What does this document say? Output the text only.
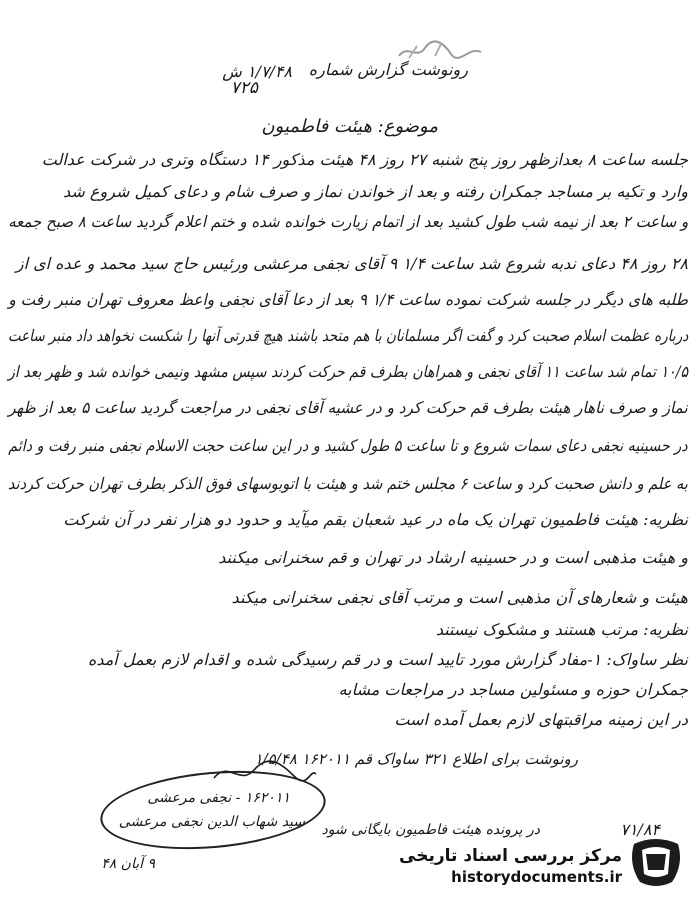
رونوشت گزارش شماره
۱/۷/۴۸ ش
۷۲۵
موضوع: هیئت فاطمیون
جلسه ساعت ۸ بعدازظهر روز پنج شنبه ۲۷ روز ۴۸ هیئت مذکور ۱۴ دستگاه وتری در شرکت عدالت
وارد و تکیه بر مساجد جمکران رفته و بعد از خواندن نماز و صرف شام و دعای کمیل شروع شد
و ساعت ۲ بعد از نیمه شب طول کشید بعد از اتمام زیارت خوانده شده و ختم اعلام گردید ساعت ۸ صبح جمعه
۲۸ روز ۴۸ دعای ندبه شروع شد ساعت ۱/۴ ۹ آقای نجفی مرعشی ورئیس حاج سید محمد و عده ای از
طلبه های دیگر در جلسه شرکت نموده ساعت ۱/۴ ۹ بعد از دعا آقای نجفی واعظ معروف تهران منبر رفت و
درباره عظمت اسلام صحبت کرد و گفت اگر مسلمانان با هم متحد باشند هیچ قدرتی آنها را شکست نخواهد داد منبر ساعت
۱۰/۵ تمام شد ساعت ۱۱ آقای نجفی و همراهان بطرف قم حرکت کردند سپس مشهد ونیمی خوانده شد و ظهر بعد از
نماز و صرف ناهار هیئت بطرف قم حرکت کرد و در عشیه آقای نجفی در مراجعت گردید ساعت ۵ بعد از ظهر
در حسینیه نجفی دعای سمات شروع و تا ساعت ۵ طول کشید و در این ساعت حجت الاسلام نجفی منبر رفت و دائم
به علم و دانش صحبت کرد و ساعت ۶ مجلس ختم شد و هیئت با اتوبوسهای فوق الذکر بطرف تهران حرکت کردند
نظریه: هیئت فاطمیون تهران یک ماه در عید شعبان بقم میآید و حدود دو هزار نفر در آن شرکت
و هیئت مذهبی است و در حسینیه ارشاد در تهران و قم سخنرانی میکنند
هیئت و شعارهای آن مذهبی است و مرتب آقای نجفی سخنرانی میکند
نظریه: مرتب هستند و مشکوک نیستند
نظر ساواک: ۱-مفاد گزارش مورد تایید است و در قم رسیدگی شده و اقدام لازم بعمل آمده
جمکران حوزه و مسئولین مساجد در مراجعات مشابه
در این زمینه مراقبتهای لازم بعمل آمده است
رونوشت برای اطلاع ۳۲۱ ساواک قم ۱۶۲۰۱۱ ۱/۵/۴۸
۱۶۲۰۱۱ - نجفی مرعشی
سید شهاب الدین نجفی مرعشی در پرونده هیئت فاطمیون بایگانی شود
۹ آبان ۴۸
۷۱/۸۴
مرکز بررسی اسناد تاریخی
historydocuments.ir
